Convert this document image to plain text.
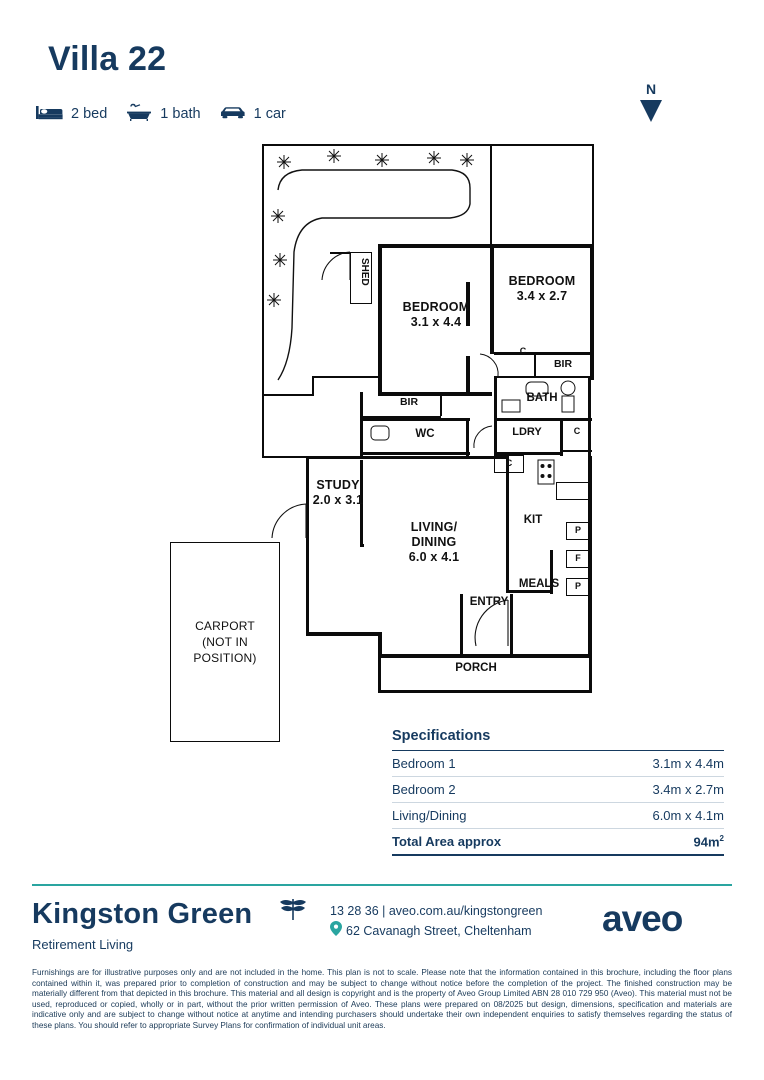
Villa 22
2 bed	1 bath	1 car
N
BEDROOM
3.1 x 4.4
BEDROOM
3.4 x 2.7
STUDY
2.0 x 3.1
LIVING/
DINING
6.0 x 4.1
SHED
BIR
BIR
WC
BATH
LDRY
KIT
MEALS
ENTRY
PORCH
C
C
C
P
F
P
CARPORT
(NOT IN
POSITION)
Specifications
Bedroom 1	3.1m x 4.4m
Bedroom 2	3.4m x 2.7m
Living/Dining	6.0m x 4.1m
Total Area approx	$94m^2$
Kingston Green
Retirement Living
13 28 36 | aveo.com.au/kingstongreen
62 Cavanagh Street, Cheltenham aveo
Furnishings are for illustrative purposes only and are not included in the home. This plan is not to scale. Please note that the information contained in this brochure, including the floor plans contained within it, was prepared prior to completion of construction and may be subject to change without notice before the completion of the project. The finished construction may be materially different from that depicted in this brochure. This material and all design is copyright and is the property of Aveo Group Limited ABN 28 010 729 950 (Aveo). This material must not be used, reproduced or copied, wholly or in part, without the prior written permission of Aveo. These plans were prepared on 08/2025 but design, dimensions, specification and materials are indicative only and are subject to change without notice at anytime and intending purchasers should undertake their own independent enquiries to satisfy themselves regarding the status of these plans. You should refer to appropriate Survey Plans for confirmation of individual unit areas.
